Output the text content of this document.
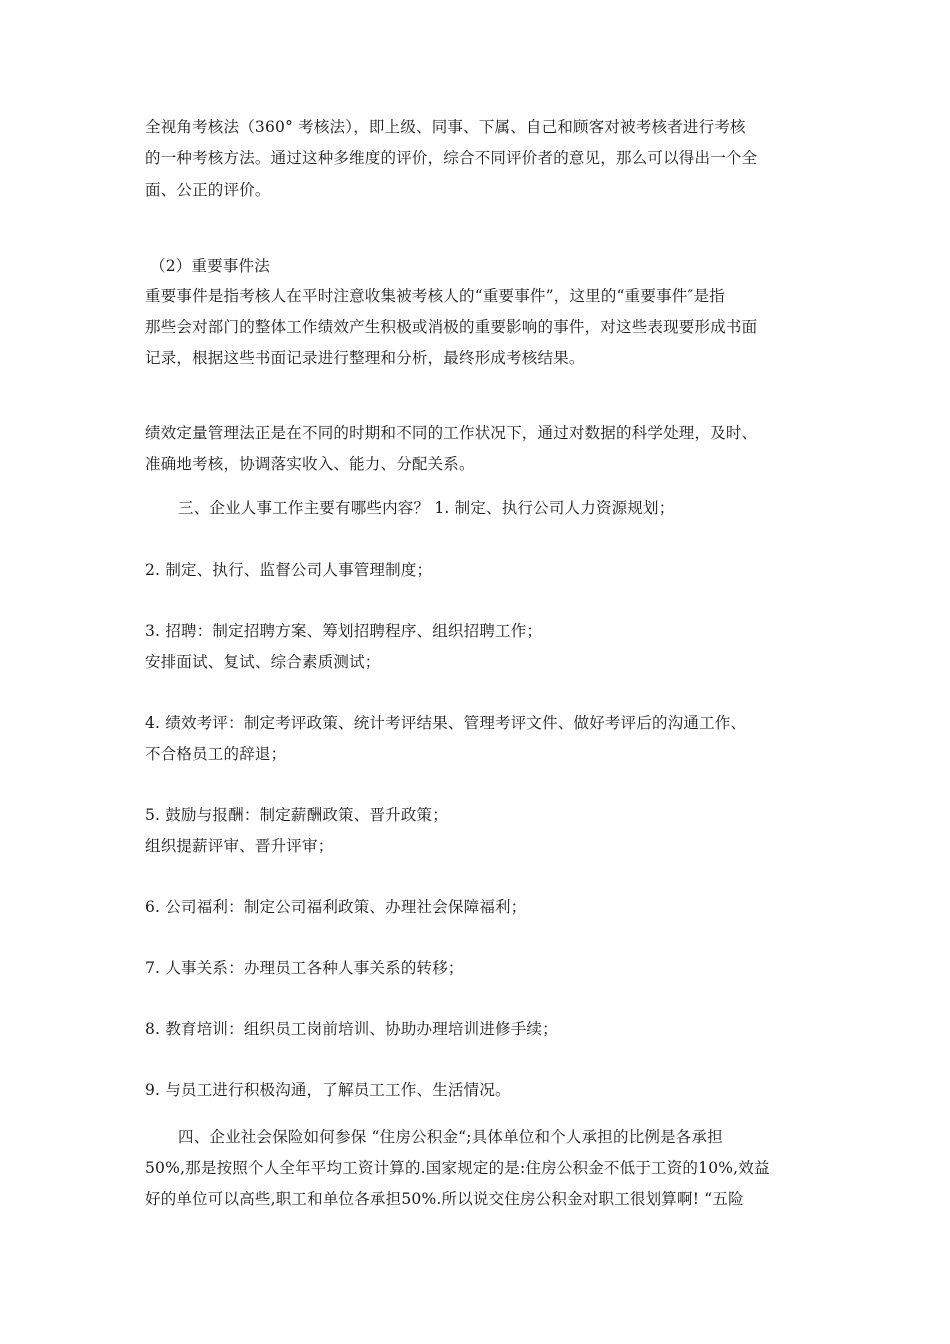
全视角考核法（360° 考核法），即上级、同事、下属、自己和顾客对被考核者进行考核
的一种考核方法。通过这种多维度的评价，综合不同评价者的意见，那么可以得出一个全
面、公正的评价。
（2）重要事件法
重要事件是指考核人在平时注意收集被考核人的“重要事件”，这里的“重要事件″是指
那些会对部门的整体工作绩效产生积极或消极的重要影响的事件，对这些表现要形成书面
记录，根据这些书面记录进行整理和分析，最终形成考核结果。
绩效定量管理法正是在不同的时期和不同的工作状况下，通过对数据的科学处理，及时、
准确地考核，协调落实收入、能力、分配关系。
三、企业人事工作主要有哪些内容？ 1. 制定、执行公司人力资源规划；
2. 制定、执行、监督公司人事管理制度；
3. 招聘：制定招聘方案、筹划招聘程序、组织招聘工作；
安排面试、复试、综合素质测试；
4. 绩效考评：制定考评政策、统计考评结果、管理考评文件、做好考评后的沟通工作、
不合格员工的辞退；
5. 鼓励与报酬：制定薪酬政策、晋升政策；
组织提薪评审、晋升评审；
6. 公司福利：制定公司福利政策、办理社会保障福利；
7. 人事关系：办理员工各种人事关系的转移；
8. 教育培训：组织员工岗前培训、协助办理培训进修手续；
9. 与员工进行积极沟通，了解员工工作、生活情况。
四、企业社会保险如何参保 “住房公积金“;具体单位和个人承担的比例是各承担
50%,那是按照个人全年平均工资计算的.国家规定的是:住房公积金不低于工资的10%,效益
好的单位可以高些,职工和单位各承担50%.所以说交住房公积金对职工很划算啊! “五险
